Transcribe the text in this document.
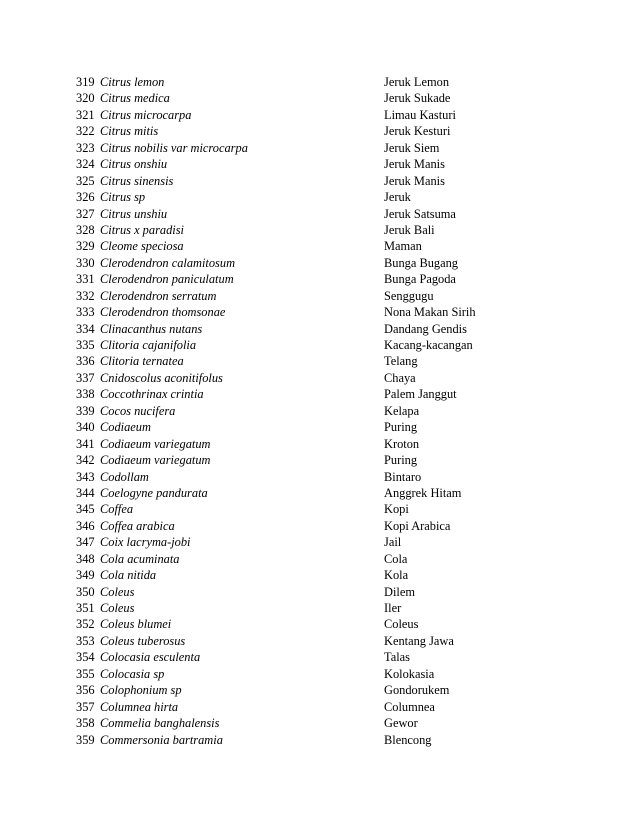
319 Citrus lemon	Jeruk Lemon
320 Citrus medica	Jeruk Sukade
321 Citrus microcarpa	Limau Kasturi
322 Citrus mitis	Jeruk Kesturi
323 Citrus nobilis var microcarpa	Jeruk Siem
324 Citrus onshiu	Jeruk Manis
325 Citrus sinensis	Jeruk Manis
326 Citrus sp	Jeruk
327 Citrus unshiu	Jeruk Satsuma
328 Citrus x paradisi	Jeruk Bali
329 Cleome speciosa	Maman
330 Clerodendron calamitosum	Bunga Bugang
331 Clerodendron paniculatum	Bunga Pagoda
332 Clerodendron serratum	Senggugu
333 Clerodendron thomsonae	Nona Makan Sirih
334 Clinacanthus nutans	Dandang Gendis
335 Clitoria cajanifolia	Kacang-kacangan
336 Clitoria ternatea	Telang
337 Cnidoscolus aconitifolus	Chaya
338 Coccothrinax crintia	Palem Janggut
339 Cocos nucifera	Kelapa
340 Codiaeum	Puring
341 Codiaeum variegatum	Kroton
342 Codiaeum variegatum	Puring
343 Codollam	Bintaro
344 Coelogyne pandurata	Anggrek Hitam
345 Coffea	Kopi
346 Coffea arabica	Kopi Arabica
347 Coix lacryma-jobi	Jail
348 Cola acuminata	Cola
349 Cola nitida	Kola
350 Coleus	Dilem
351 Coleus	Iler
352 Coleus blumei	Coleus
353 Coleus tuberosus	Kentang Jawa
354 Colocasia esculenta	Talas
355 Colocasia sp	Kolokasia
356 Colophonium sp	Gondorukem
357 Columnea hirta	Columnea
358 Commelia banghalensis	Gewor
359 Commersonia bartramia	Blencong
